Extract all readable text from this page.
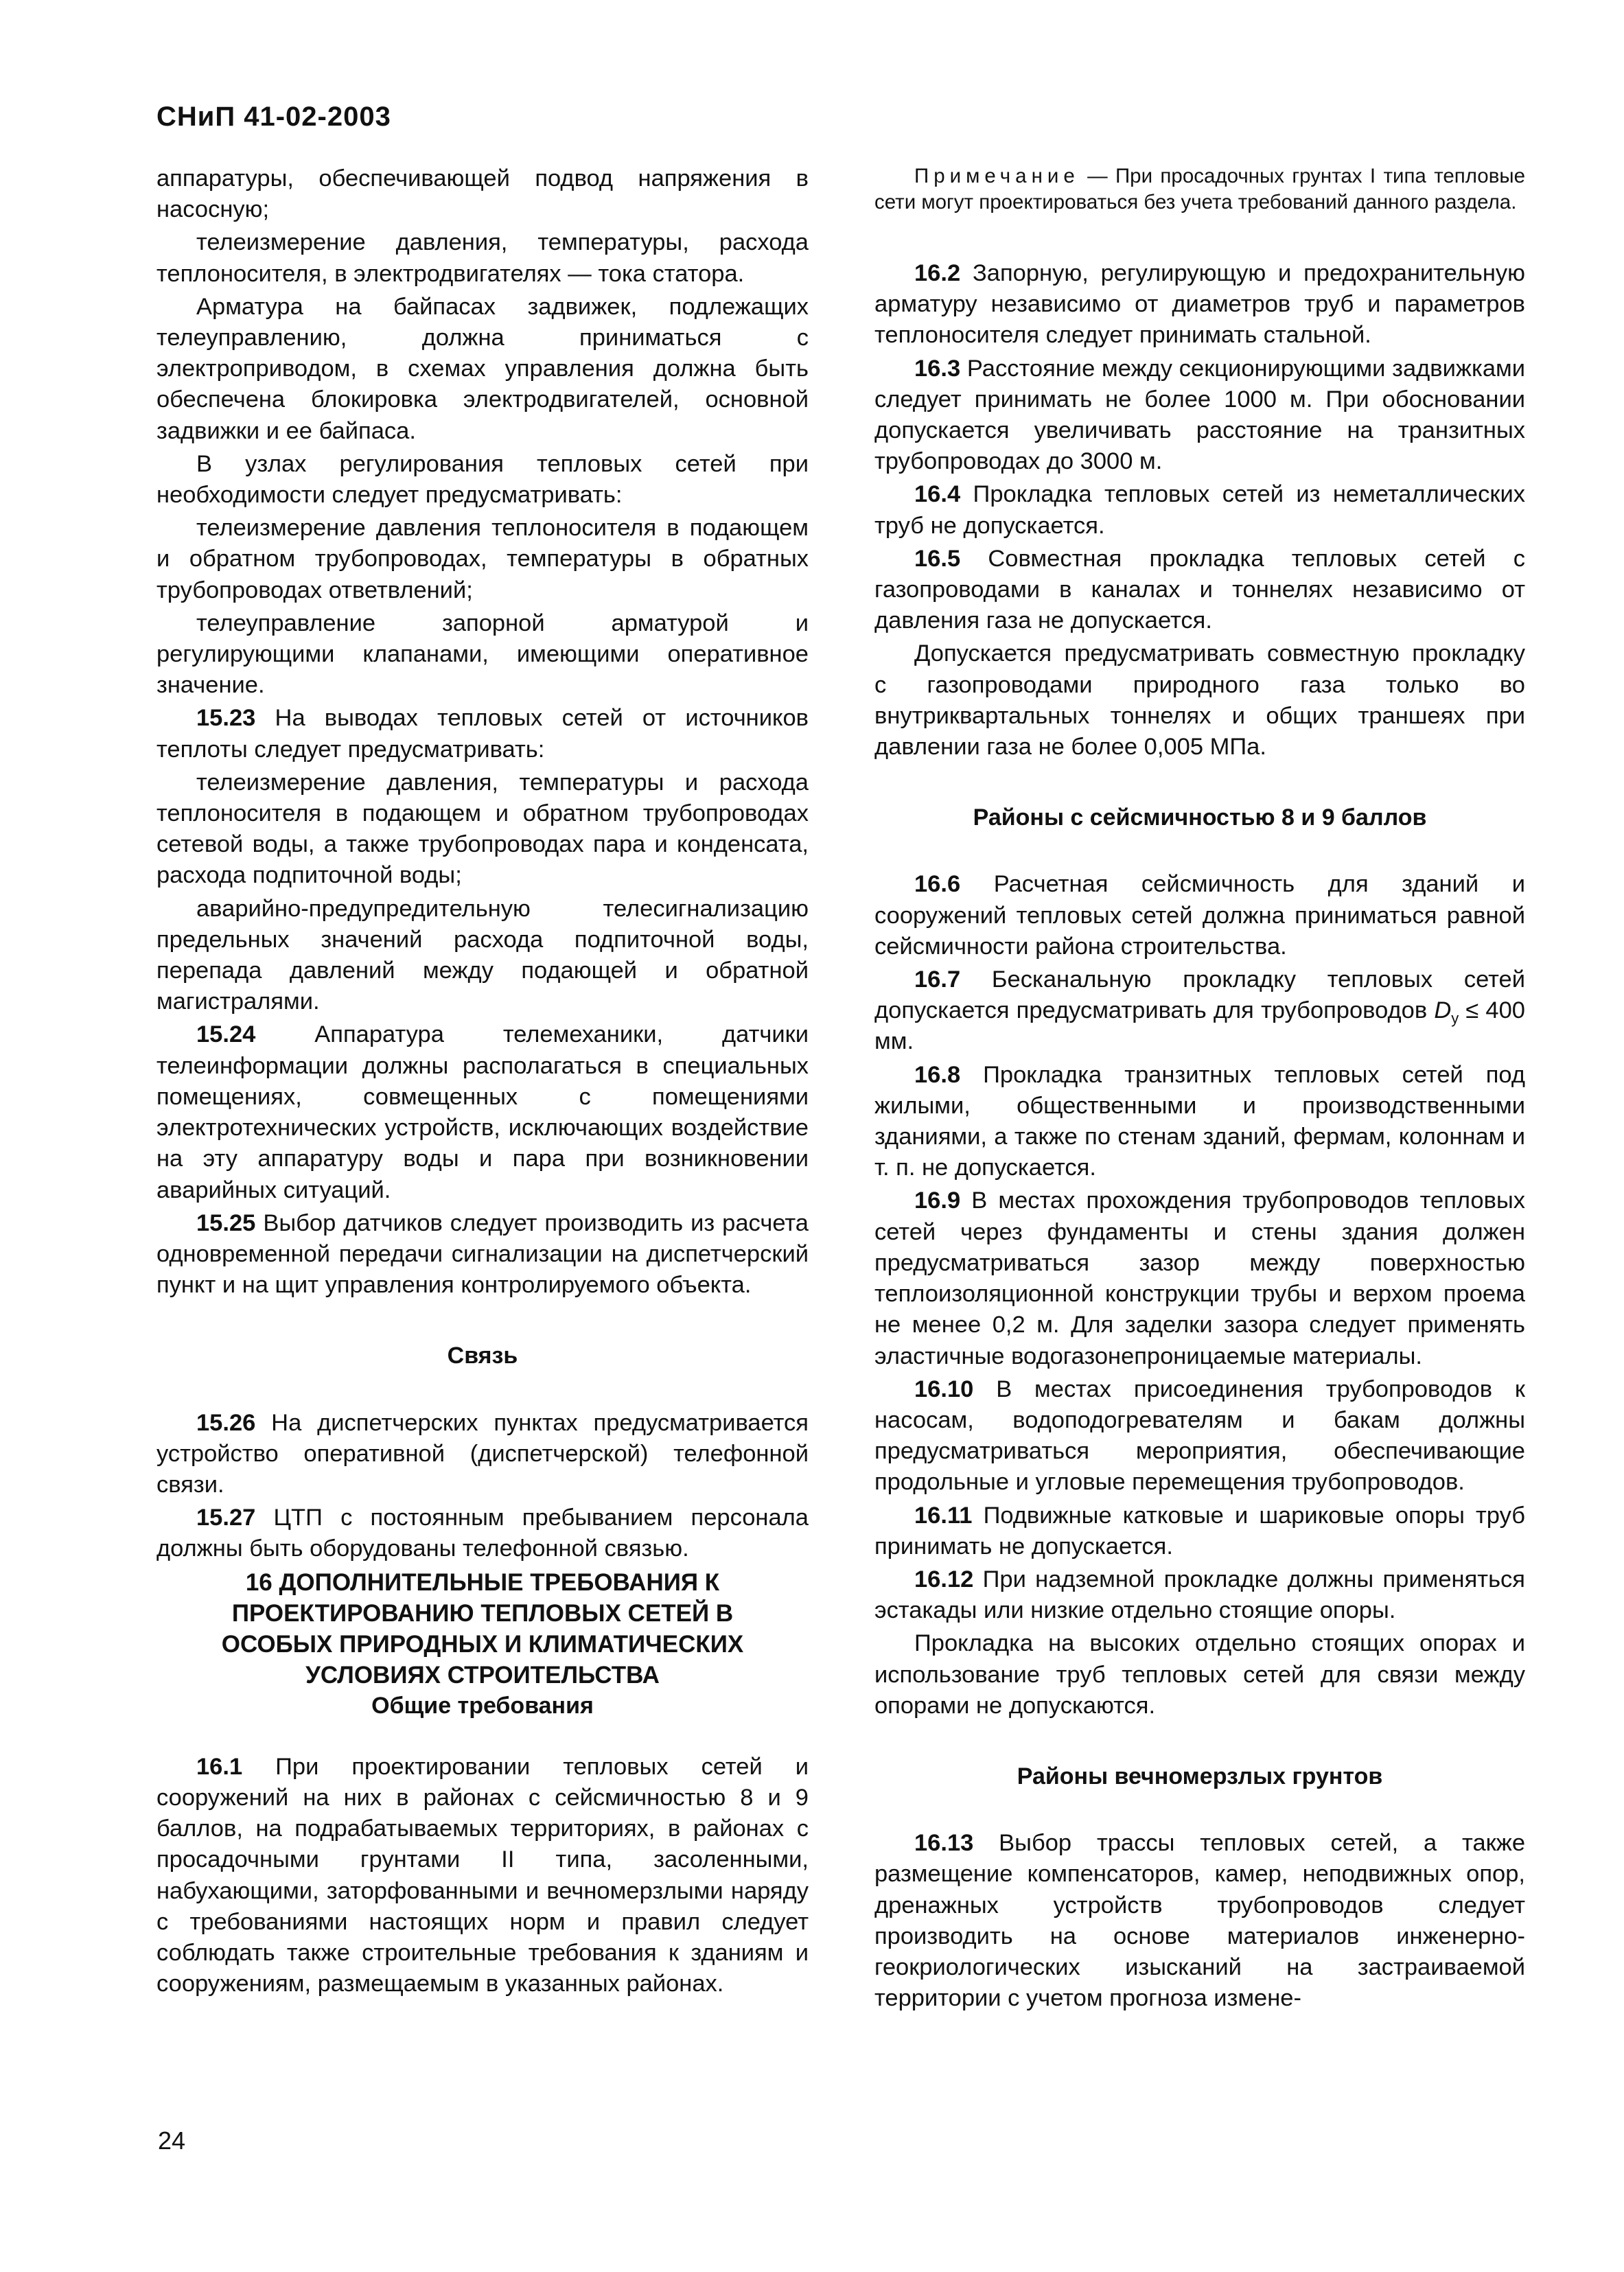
СНиП 41-02-2003

аппаратуры, обеспечивающей подвод напряжения в насосную;

телеизмерение давления, температуры, расхода теплоносителя, в электродвигателях — тока статора.

Арматура на байпасах задвижек, подлежащих телеуправлению, должна приниматься с электроприводом, в схемах управления должна быть обеспечена блокировка электродвигателей, основной задвижки и ее байпаса.

В узлах регулирования тепловых сетей при необходимости следует предусматривать:

телеизмерение давления теплоносителя в подающем и обратном трубопроводах, температуры в обратных трубопроводах ответвлений;

телеуправление запорной арматурой и регулирующими клапанами, имеющими оперативное значение.

15.23 На выводах тепловых сетей от источников теплоты следует предусматривать:

телеизмерение давления, температуры и расхода теплоносителя в подающем и обратном трубопроводах сетевой воды, а также трубопроводах пара и конденсата, расхода подпиточной воды;

аварийно-предупредительную телесигнализацию предельных значений расхода подпиточной воды, перепада давлений между подающей и обратной магистралями.

15.24 Аппаратура телемеханики, датчики телеинформации должны располагаться в специальных помещениях, совмещенных с помещениями электротехнических устройств, исключающих воздействие на эту аппаратуру воды и пара при возникновении аварийных ситуаций.

15.25 Выбор датчиков следует производить из расчета одновременной передачи сигнализации на диспетчерский пункт и на щит управления контролируемого объекта.

Связь

15.26 На диспетчерских пунктах предусматривается устройство оперативной (диспетчерской) телефонной связи.

15.27 ЦТП с постоянным пребыванием персонала должны быть оборудованы телефонной связью.

16 ДОПОЛНИТЕЛЬНЫЕ ТРЕБОВАНИЯ К ПРОЕКТИРОВАНИЮ ТЕПЛОВЫХ СЕТЕЙ В ОСОБЫХ ПРИРОДНЫХ И КЛИМАТИЧЕСКИХ УСЛОВИЯХ СТРОИТЕЛЬСТВА

Общие требования

16.1 При проектировании тепловых сетей и сооружений на них в районах с сейсмичностью 8 и 9 баллов, на подрабатываемых территориях, в районах с просадочными грунтами II типа, засоленными, набухающими, заторфованными и вечномерзлыми наряду с требованиями настоящих норм и правил следует соблюдать также строительные требования к зданиям и сооружениям, размещаемым в указанных районах.

Примечание — При просадочных грунтах I типа тепловые сети могут проектироваться без учета требований данного раздела.

16.2 Запорную, регулирующую и предохранительную арматуру независимо от диаметров труб и параметров теплоносителя следует принимать стальной.

16.3 Расстояние между секционирующими задвижками следует принимать не более 1000 м. При обосновании допускается увеличивать расстояние на транзитных трубопроводах до 3000 м.

16.4 Прокладка тепловых сетей из неметаллических труб не допускается.

16.5 Совместная прокладка тепловых сетей с газопроводами в каналах и тоннелях независимо от давления газа не допускается.

Допускается предусматривать совместную прокладку с газопроводами природного газа только во внутриквартальных тоннелях и общих траншеях при давлении газа не более 0,005 МПа.

Районы с сейсмичностью 8 и 9 баллов

16.6 Расчетная сейсмичность для зданий и сооружений тепловых сетей должна приниматься равной сейсмичности района строительства.

16.7 Бесканальную прокладку тепловых сетей допускается предусматривать для трубопроводов $D_у \le 400$ мм.

16.8 Прокладка транзитных тепловых сетей под жилыми, общественными и производственными зданиями, а также по стенам зданий, фермам, колоннам и т. п. не допускается.

16.9 В местах прохождения трубопроводов тепловых сетей через фундаменты и стены здания должен предусматриваться зазор между поверхностью теплоизоляционной конструкции трубы и верхом проема не менее 0,2 м. Для заделки зазора следует применять эластичные водогазонепроницаемые материалы.

16.10 В местах присоединения трубопроводов к насосам, водоподогревателям и бакам должны предусматриваться мероприятия, обеспечивающие продольные и угловые перемещения трубопроводов.

16.11 Подвижные катковые и шариковые опоры труб принимать не допускается.

16.12 При надземной прокладке должны применяться эстакады или низкие отдельно стоящие опоры.

Прокладка на высоких отдельно стоящих опорах и использование труб тепловых сетей для связи между опорами не допускаются.

Районы вечномерзлых грунтов

16.13 Выбор трассы тепловых сетей, а также размещение компенсаторов, камер, неподвижных опор, дренажных устройств трубопроводов следует производить на основе материалов инженерно-геокриологических изысканий на застраиваемой территории с учетом прогноза измене-

24
